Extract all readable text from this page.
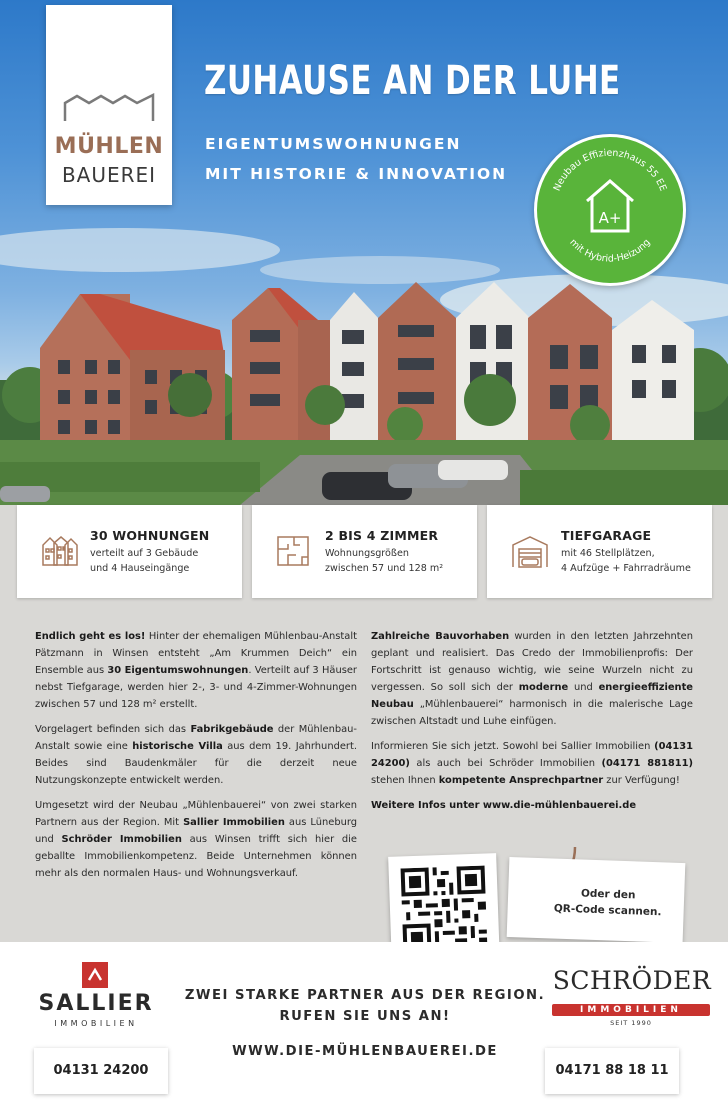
MÜHLEN
BAUEREI
ZUHAUSE AN DER LUHE
EIGENTUMSWOHNUNGEN
MIT HISTORIE & INNOVATION
Neubau Effizienzhaus 55 EE
mit Hybrid-Heizung
A+
30 WOHNUNGEN
verteilt auf 3 Gebäude
und 4 Hauseingänge
2 BIS 4 ZIMMER
Wohnungsgrößen
zwischen 57 und 128 m²
TIEFGARAGE
mit 46 Stellplätzen,
4 Aufzüge + Fahrradräume

Endlich geht es los! Hinter der ehemaligen Mühlenbau-Anstalt Pätzmann in Winsen entsteht „Am Krummen Deich“ ein Ensemble aus 30 Eigentumswohnungen. Verteilt auf 3 Häuser nebst Tiefgarage, werden hier 2-, 3- und 4-Zimmer-Wohnungen zwischen 57 und 128 m² erstellt.

Vorgelagert befinden sich das Fabrikgebäude der Mühlenbau-Anstalt sowie eine historische Villa aus dem 19. Jahrhundert. Beides sind Baudenkmäler für die derzeit neue Nutzungskonzepte entwickelt werden.

Umgesetzt wird der Neubau „Mühlenbauerei“ von zwei starken Partnern aus der Region. Mit Sallier Immobilien aus Lüneburg und Schröder Immobilien aus Winsen trifft sich hier die geballte Immobilienkompetenz. Beide Unternehmen können mehr als den normalen Haus- und Wohnungsverkauf.

Zahlreiche Bauvorhaben wurden in den letzten Jahrzehnten geplant und realisiert. Das Credo der Immobilienprofis: Der Fortschritt ist genauso wichtig, wie seine Wurzeln nicht zu vergessen. So soll sich der moderne und energieeffiziente Neubau „Mühlenbauerei“ harmonisch in die malerische Lage zwischen Altstadt und Luhe einfügen.

Informieren Sie sich jetzt. Sowohl bei Sallier Immobilien (04131 24200) als auch bei Schröder Immobilien (04171 881811) stehen Ihnen kompetente Ansprechpartner zur Verfügung!

Weitere Infos unter www.die-mühlenbauerei.de

Oder den
QR-Code scannen.
SALLIER
IMMOBILIEN
ZWEI STARKE PARTNER AUS DER REGION.
RUFEN SIE UNS AN!
WWW.DIE-MÜHLENBAUEREI.DE
SCHRÖDER
IMMOBILIEN
SEIT 1990
04131 24200	04171 88 18 11
